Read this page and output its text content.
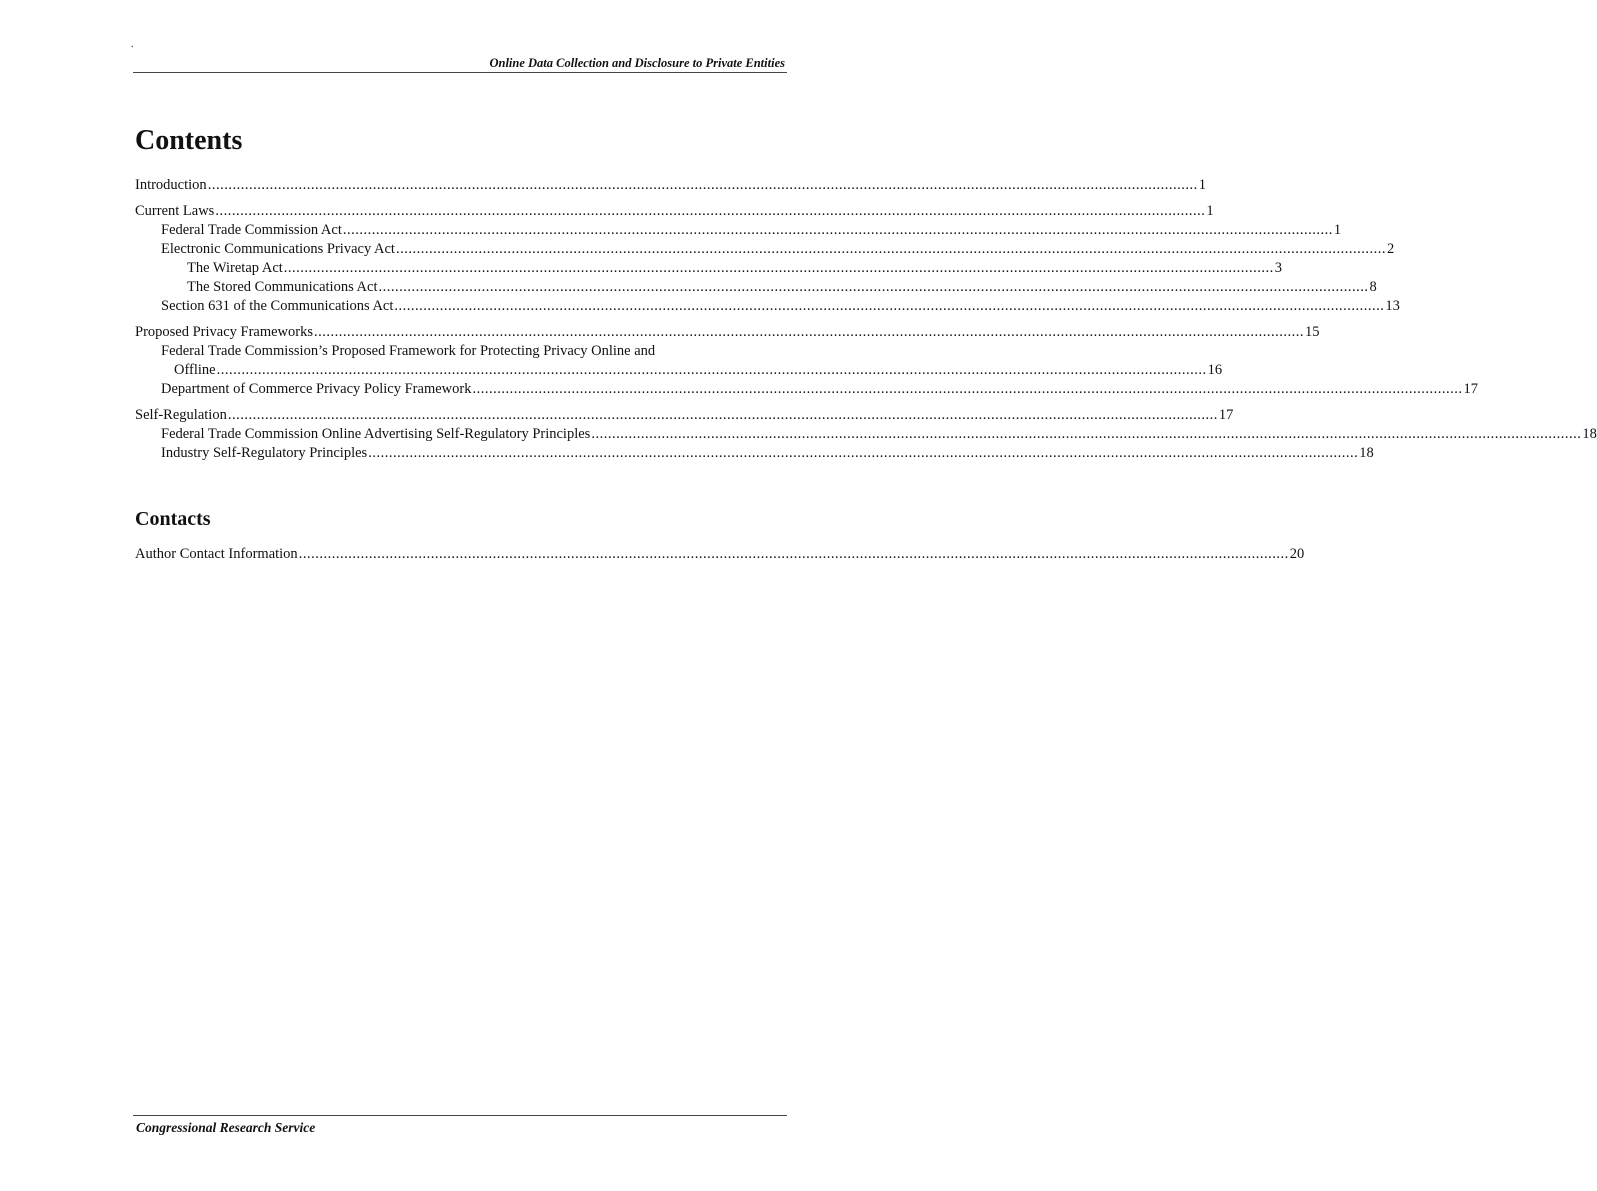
.
Online Data Collection and Disclosure to Private Entities
Contents
Introduction ................................................................................................................................................................................................................................................ 1
Current Laws ................................................................................................................................................................................................................................................ 1
Federal Trade Commission Act ................................................................................................................................................................................................................................................ 1
Electronic Communications Privacy Act ................................................................................................................................................................................................................................................ 2
The Wiretap Act ................................................................................................................................................................................................................................................ 3
The Stored Communications Act ................................................................................................................................................................................................................................................ 8
Section 631 of the Communications Act ................................................................................................................................................................................................................................................ 13
Proposed Privacy Frameworks ................................................................................................................................................................................................................................................ 15
Federal Trade Commission’s Proposed Framework for Protecting Privacy Online and
Offline ................................................................................................................................................................................................................................................ 16
Department of Commerce Privacy Policy Framework ................................................................................................................................................................................................................................................ 17
Self-Regulation ................................................................................................................................................................................................................................................ 17
Federal Trade Commission Online Advertising Self-Regulatory Principles ................................................................................................................................................................................................................................................ 18
Industry Self-Regulatory Principles ................................................................................................................................................................................................................................................ 18
Contacts
Author Contact Information ................................................................................................................................................................................................................................................ 20
Congressional Research Service
